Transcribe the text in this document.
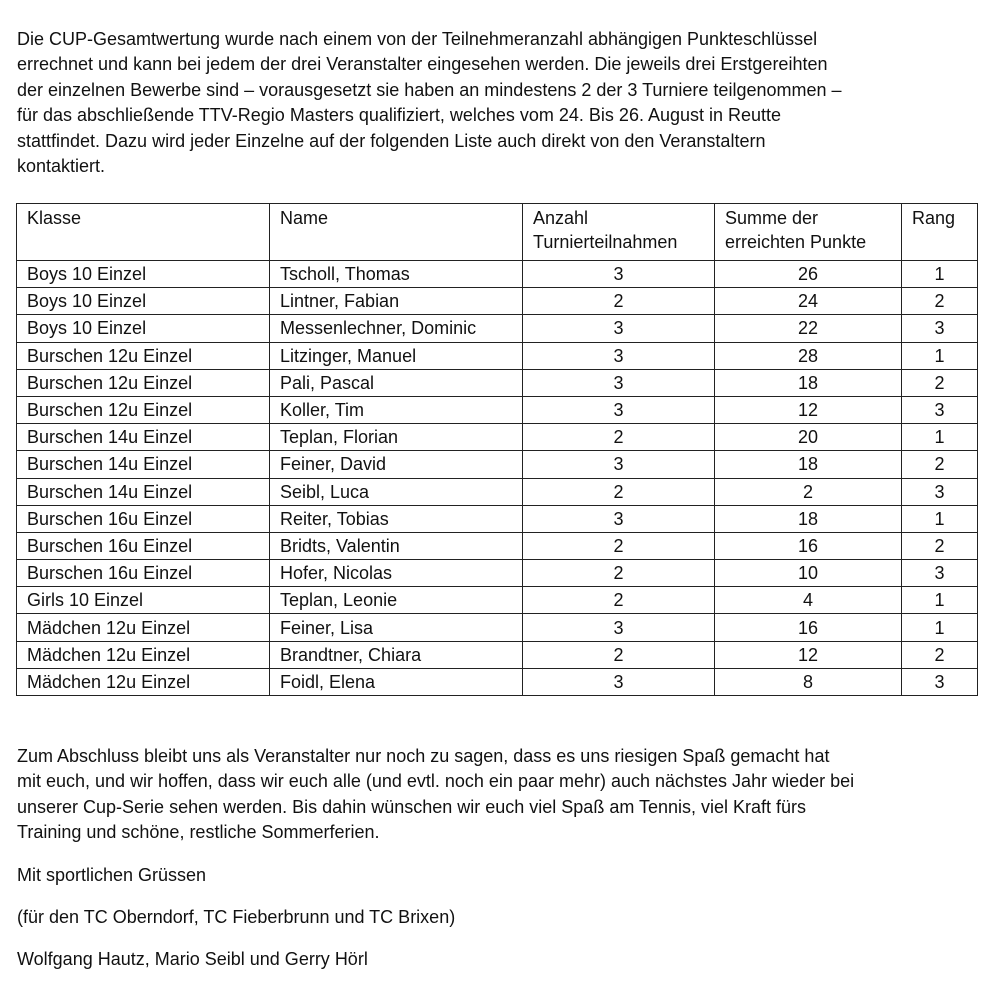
Die CUP-Gesamtwertung wurde nach einem von der Teilnehmeranzahl abhängigen Punkteschlüssel
errechnet und kann bei jedem der drei Veranstalter eingesehen werden. Die jeweils drei Erstgereihten
der einzelnen Bewerbe sind – vorausgesetzt sie haben an mindestens 2 der 3 Turniere teilgenommen –
für das abschließende TTV-Regio Masters qualifiziert, welches vom 24. Bis 26. August in Reutte
stattfindet. Dazu wird jeder Einzelne auf der folgenden Liste auch direkt von den Veranstaltern
kontaktiert.
Klasse	Name	Anzahl Turnierteilnahmen	Summe der erreichten Punkte	Rang
Boys 10 Einzel	Tscholl, Thomas	3	26	1
Boys 10 Einzel	Lintner, Fabian	2	24	2
Boys 10 Einzel	Messenlechner, Dominic	3	22	3
Burschen 12u Einzel	Litzinger, Manuel	3	28	1
Burschen 12u Einzel	Pali, Pascal	3	18	2
Burschen 12u Einzel	Koller, Tim	3	12	3
Burschen 14u Einzel	Teplan, Florian	2	20	1
Burschen 14u Einzel	Feiner, David	3	18	2
Burschen 14u Einzel	Seibl, Luca	2	2	3
Burschen 16u Einzel	Reiter, Tobias	3	18	1
Burschen 16u Einzel	Bridts, Valentin	2	16	2
Burschen 16u Einzel	Hofer, Nicolas	2	10	3
Girls 10 Einzel	Teplan, Leonie	2	4	1
Mädchen 12u Einzel	Feiner, Lisa	3	16	1
Mädchen 12u Einzel	Brandtner, Chiara	2	12	2
Mädchen 12u Einzel	Foidl, Elena	3	8	3
Zum Abschluss bleibt uns als Veranstalter nur noch zu sagen, dass es uns riesigen Spaß gemacht hat
mit euch, und wir hoffen, dass wir euch alle (und evtl. noch ein paar mehr) auch nächstes Jahr wieder bei
unserer Cup-Serie sehen werden. Bis dahin wünschen wir euch viel Spaß am Tennis, viel Kraft fürs
Training und schöne, restliche Sommerferien.

Mit sportlichen Grüssen

(für den TC Oberndorf, TC Fieberbrunn und TC Brixen)

Wolfgang Hautz, Mario Seibl und Gerry Hörl
